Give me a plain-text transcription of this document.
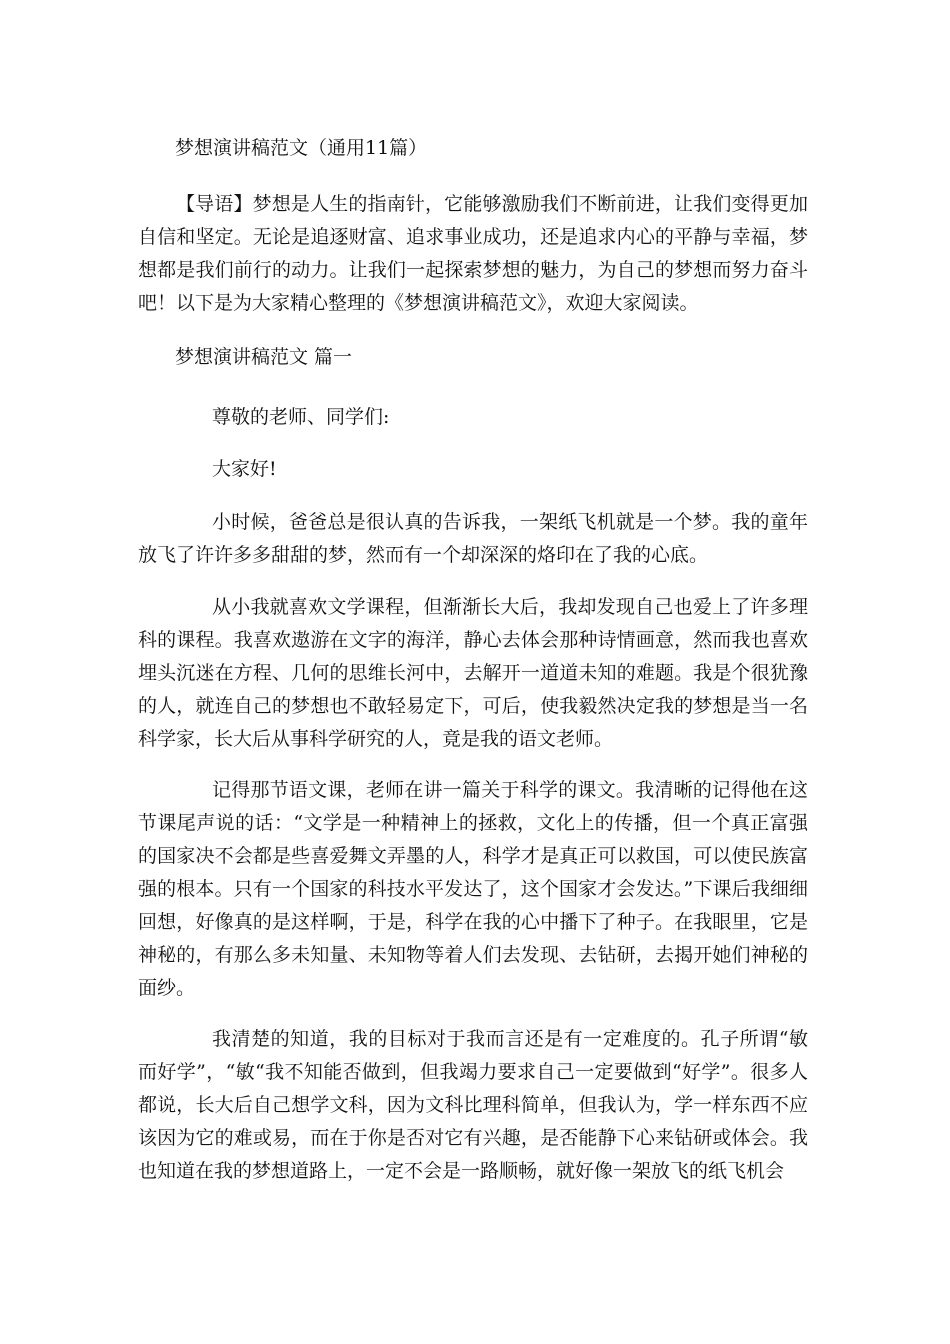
梦想演讲稿范文（通用11篇）

【导语】梦想是人生的指南针，它能够激励我们不断前进，让我们变得更加自信和坚定。无论是追逐财富、追求事业成功，还是追求内心的平静与幸福，梦想都是我们前行的动力。让我们一起探索梦想的魅力，为自己的梦想而努力奋斗吧！以下是为大家精心整理的《梦想演讲稿范文》，欢迎大家阅读。

梦想演讲稿范文 篇一
尊敬的老师、同学们:
大家好!

小时候，爸爸总是很认真的告诉我，一架纸飞机就是一个梦。我的童年放飞了许许多多甜甜的梦，然而有一个却深深的烙印在了我的心底。

从小我就喜欢文学课程，但渐渐长大后，我却发现自己也爱上了许多理科的课程。我喜欢遨游在文字的海洋，静心去体会那种诗情画意，然而我也喜欢埋头沉迷在方程、几何的思维长河中，去解开一道道未知的难题。我是个很犹豫的人，就连自己的梦想也不敢轻易定下，可后，使我毅然决定我的梦想是当一名科学家，长大后从事科学研究的人，竟是我的语文老师。

记得那节语文课，老师在讲一篇关于科学的课文。我清晰的记得他在这节课尾声说的话：“文学是一种精神上的拯救，文化上的传播，但一个真正富强的国家决不会都是些喜爱舞文弄墨的人，科学才是真正可以救国，可以使民族富强的根本。只有一个国家的科技水平发达了，这个国家才会发达。”下课后我细细回想，好像真的是这样啊，于是，科学在我的心中播下了种子。在我眼里，它是神秘的，有那么多未知量、未知物等着人们去发现、去钻研，去揭开她们神秘的面纱。

我清楚的知道，我的目标对于我而言还是有一定难度的。孔子所谓“敏而好学”，“敏“我不知能否做到，但我竭力要求自己一定要做到“好学”。很多人都说，长大后自己想学文科，因为文科比理科简单，但我认为，学一样东西不应该因为它的难或易，而在于你是否对它有兴趣，是否能静下心来钻研或体会。我也知道在我的梦想道路上，一定不会是一路顺畅，就好像一架放飞的纸飞机会
